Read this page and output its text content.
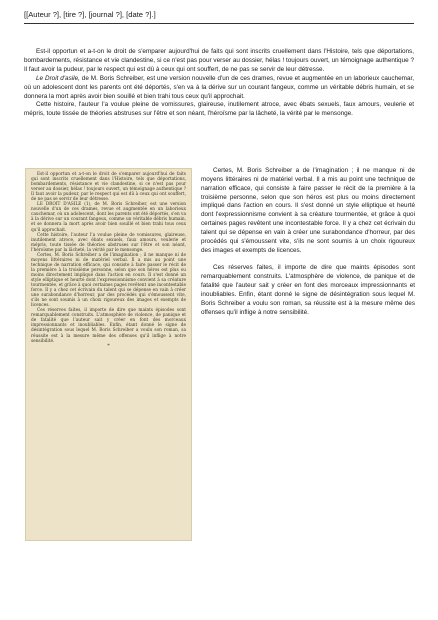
[[Auteur ?], [tire ?], [journal ?], [date ?].]

Est-il opportun et a-t-on le droit de s'emparer aujourd'hui de faits qui sont inscrits cruellement dans l'Histoire, tels que déportations, bombardements, résistance et vie clandestine, si ce n'est pas pour verser au dossier, hélas ! toujours ouvert, un témoignage authentique ? Il faut avoir la pudeur, par le respect qui est dû à ceux qui ont souffert, de ne pas se servir de leur détresse.

Le Droit d'asile, de M. Boris Schreiber, est une version nouvelle d'un de ces drames, revue et augmentée en un laborieux cauchemar, où un adolescent dont les parents ont été déportés, s'en va à la dérive sur un courant fangeux, comme un véritable débris humain, et se donnera la mort après avoir bien souillé et bien trahi tous ceux qu'il approchait.

Cette histoire, l'auteur l'a voulue pleine de vomissures, glaireuse, inutilement atroce, avec ébats sexuels, faux amours, veulerie et mépris, toute tissée de théories abstruses sur l'être et son néant, l'héroïsme par la lâcheté, la vérité par le mensonge.

Est-il opportun et a-t-on le droit de s'emparer aujourd'hui de faits qui sont inscrits cruellement dans l'Histoire, tels que déportations, bombardements, résistance et vie clandestine, si ce n'est pas pour verser au dossier, hélas ! toujours ouvert, un témoignage authentique ? Il faut avoir la pudeur, par le respect qui est dû à ceux qui ont souffert, de ne pas se servir de leur détresse.

LE DROIT D'ASILE (1), de M. Boris Schreiber, est une version nouvelle d'un de ces drames, revue et augmentée en un laborieux cauchemar, où un adolescent, dont les parents ont été déportés, s'en va à la dérive sur un courant fangeux, comme un véritable débris humain, et se donnera la mort après avoir bien souillé et bien trahi tous ceux qu'il approchait.

Cette histoire, l'auteur l'a voulue pleine de vomissures, glaireuse, inutilement atroce, avec ébats sexuels, faux amours, veulerie et mépris, toute tissée de théories abstruses sur l'être et son néant, l'héroïsme par la lâcheté, la vérité par le mensonge.

Certes, M. Boris Schreiber a de l'imagination ; il ne manque ni de moyens littéraires ni de matériel verbal. Il a mis au point une technique de narration efficace, qui consiste à faire passer le récit de la première à la troisième personne, selon que son héros est plus ou moins directement impliqué dans l'action en cours. Il s'est donné un style elliptique et heurté dont l'expressionnisme convient à sa créature tourmentée, et grâce à quoi certaines pages revêtent une incontestable force. Il y a chez cet écrivain du talent qui se dépense en vain à créer une surabondance d'horreur, par des procédés qui s'émoussent vite, s'ils ne sont soumis à un choix rigoureux des images et exempts de licences.

Ces réserves faites, il importe de dire que maints épisodes sont remarquablement construits. L'atmosphère de violence, de panique et de fatalité que l'auteur sait y créer en font des morceaux impressionnants et inoubliables. Enfin, étant donné le signe de désintégration sous lequel M. Boris Schreiber a voulu son roman, sa réussite est à la mesure même des offenses qu'il inflige à notre sensibilité.

*

Certes, M. Boris Schreiber a de l'imagination ; il ne manque ni de moyens littéraires ni de matériel verbal. Il a mis au point une technique de narration efficace, qui consiste à faire passer le récit de la première à la troisième personne, selon que son héros est plus ou moins directement impliqué dans l'action en cours. Il s'est donné un style elliptique et heurté dont l'expressionnisme convient à sa créature tourmentée, et grâce à quoi certaines pages revêtent une incontestable force. Il y a chez cet écrivain du talent qui se dépense en vain à créer une surabondance d'horreur, par des procédés qui s'émoussent vite, s'ils ne sont soumis à un choix rigoureux des images et exempts de licences.

Ces réserves faites, il importe de dire que maints épisodes sont remarquablement construits. L'atmosphère de violence, de panique et de fatalité que l'auteur sait y créer en font des morceaux impressionnants et inoubliables. Enfin, étant donné le signe de désintégration sous lequel M. Boris Schreiber a voulu son roman, sa réussite est à la mesure même des offenses qu'il inflige à notre sensibilité.
